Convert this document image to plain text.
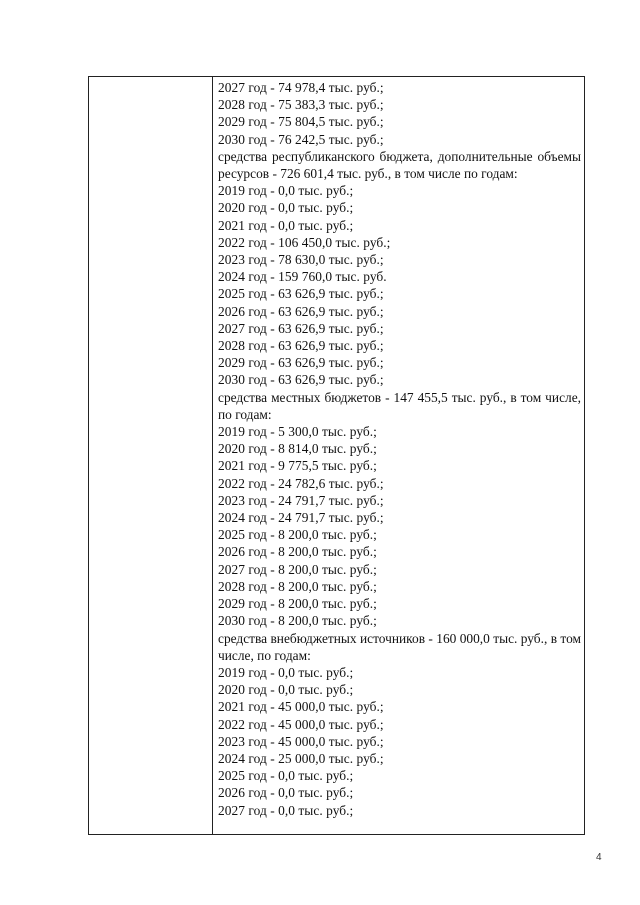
2027 год - 74 978,4 тыс. руб.;
2028 год - 75 383,3 тыс. руб.;
2029 год - 75 804,5 тыс. руб.;
2030 год - 76 242,5 тыс. руб.;
средства республиканского бюджета, дополнительные объемы ресурсов - 726 601,4 тыс. руб., в том числе по годам:
2019 год - 0,0 тыс. руб.;
2020 год - 0,0 тыс. руб.;
2021 год - 0,0 тыс. руб.;
2022 год - 106 450,0 тыс. руб.;
2023 год - 78 630,0 тыс. руб.;
2024 год - 159 760,0 тыс. руб.
2025 год - 63 626,9 тыс. руб.;
2026 год - 63 626,9 тыс. руб.;
2027 год - 63 626,9 тыс. руб.;
2028 год - 63 626,9 тыс. руб.;
2029 год - 63 626,9 тыс. руб.;
2030 год - 63 626,9 тыс. руб.;
средства местных бюджетов - 147 455,5 тыс. руб., в том числе, по годам:
2019 год - 5 300,0 тыс. руб.;
2020 год - 8 814,0 тыс. руб.;
2021 год - 9 775,5 тыс. руб.;
2022 год - 24 782,6 тыс. руб.;
2023 год - 24 791,7 тыс. руб.;
2024 год - 24 791,7 тыс. руб.;
2025 год - 8 200,0 тыс. руб.;
2026 год - 8 200,0 тыс. руб.;
2027 год - 8 200,0 тыс. руб.;
2028 год - 8 200,0 тыс. руб.;
2029 год - 8 200,0 тыс. руб.;
2030 год - 8 200,0 тыс. руб.;
средства внебюджетных источников - 160 000,0 тыс. руб., в том числе, по годам:
2019 год - 0,0 тыс. руб.;
2020 год - 0,0 тыс. руб.;
2021 год - 45 000,0 тыс. руб.;
2022 год - 45 000,0 тыс. руб.;
2023 год - 45 000,0 тыс. руб.;
2024 год - 25 000,0 тыс. руб.;
2025 год - 0,0 тыс. руб.;
2026 год - 0,0 тыс. руб.;
2027 год - 0,0 тыс. руб.;
4
